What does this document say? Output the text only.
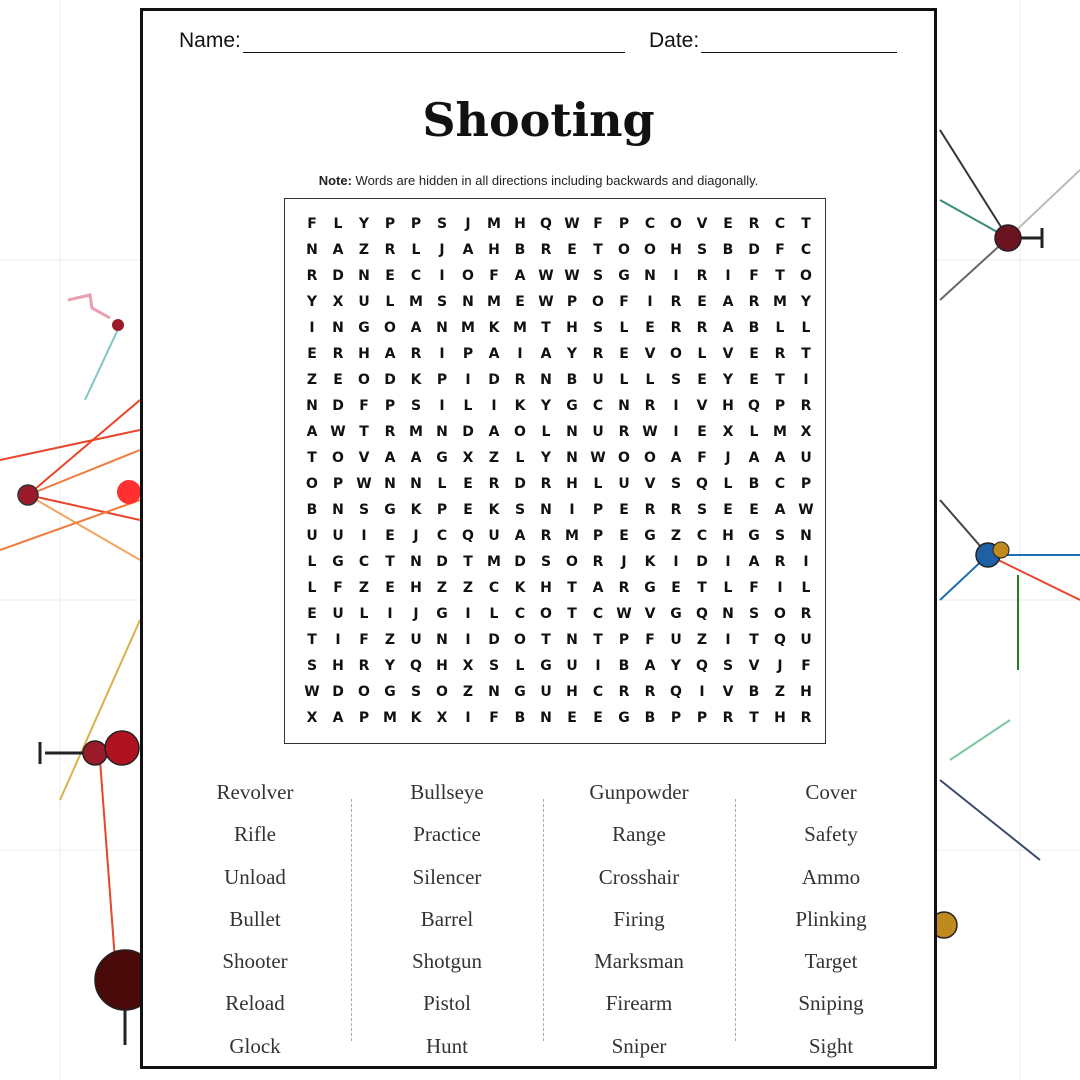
Name:	Date:
Shooting
Note: Words are hidden in all directions including backwards and diagonally.
F	L	Y	P	P	S	J	M H	Q W F	P	C	O	V	E	R	C	T
N	A	Z	R	L	J	A	H	B	R	E	T	O	O	H	S	B	D	F	C
R	D	N	E	C	I	O	F	A W W S	G	N	I	R	I	F	T	O
Y	X	U	L	M S	N M	E W P	O	F	I	R	E	A	R M Y
I	N	G	O	A	N M K M	T	H	S	L	E	R	R	A	B	L	L
E	R	H	A	R	I	P	A	I	A	Y	R	E	V	O	L	V	E	R	T
Z	E	O	D	K	P	I	D	R	N	B	U	L	L	S	E	Y	E	T	I
N	D	F	P	S	I	L	I	K	Y	G	C	N	R	I	V	H	Q	P	R
A W T	R M N	D	A	O	L	N	U	R W	I	E	X	L	M X
T	O	V	A	A	G	X	Z	L	Y	N W O	O	A	F	J	A	A	U
O	P W N	N	L	E	R	D	R	H	L	U	V	S	Q	L	B	C	P
B	N	S	G	K	P	E	K	S	N	I	P	E	R	R	S	E	E	A W
U	U	I	E	J	C	Q	U	A	R M P	E	G	Z	C	H	G	S	N
L	G	C	T	N	D	T	M D	S	O	R	J	K	I	D	I	A	R	I
L	F	Z	E	H	Z	Z	C	K	H	T	A	R	G	E	T	L	F	I	L
E	U	L	I	J	G	I	L	C	O	T	C W V	G	Q	N	S	O	R
T	I	F	Z	U	N	I	D	O	T	N	T	P	F	U	Z	I	T	Q	U
S	H	R	Y	Q	H	X	S	L	G	U	I	B	A	Y	Q	S	V	J	F
W D	O	G	S	O	Z	N	G	U	H	C	R	R	Q	I	V	B	Z	H
X	A	P M K	X	I	F	B	N	E	E	G	B	P	P	R	T	H	R
Revolver
Rifle
Unload
Bullet
Shooter
Reload
Glock
Bullseye
Practice
Silencer
Barrel
Shotgun
Pistol
Hunt
Gunpowder
Range
Crosshair
Firing
Marksman
Firearm
Sniper
Cover
Safety
Ammo
Plinking
Target
Sniping
Sight
